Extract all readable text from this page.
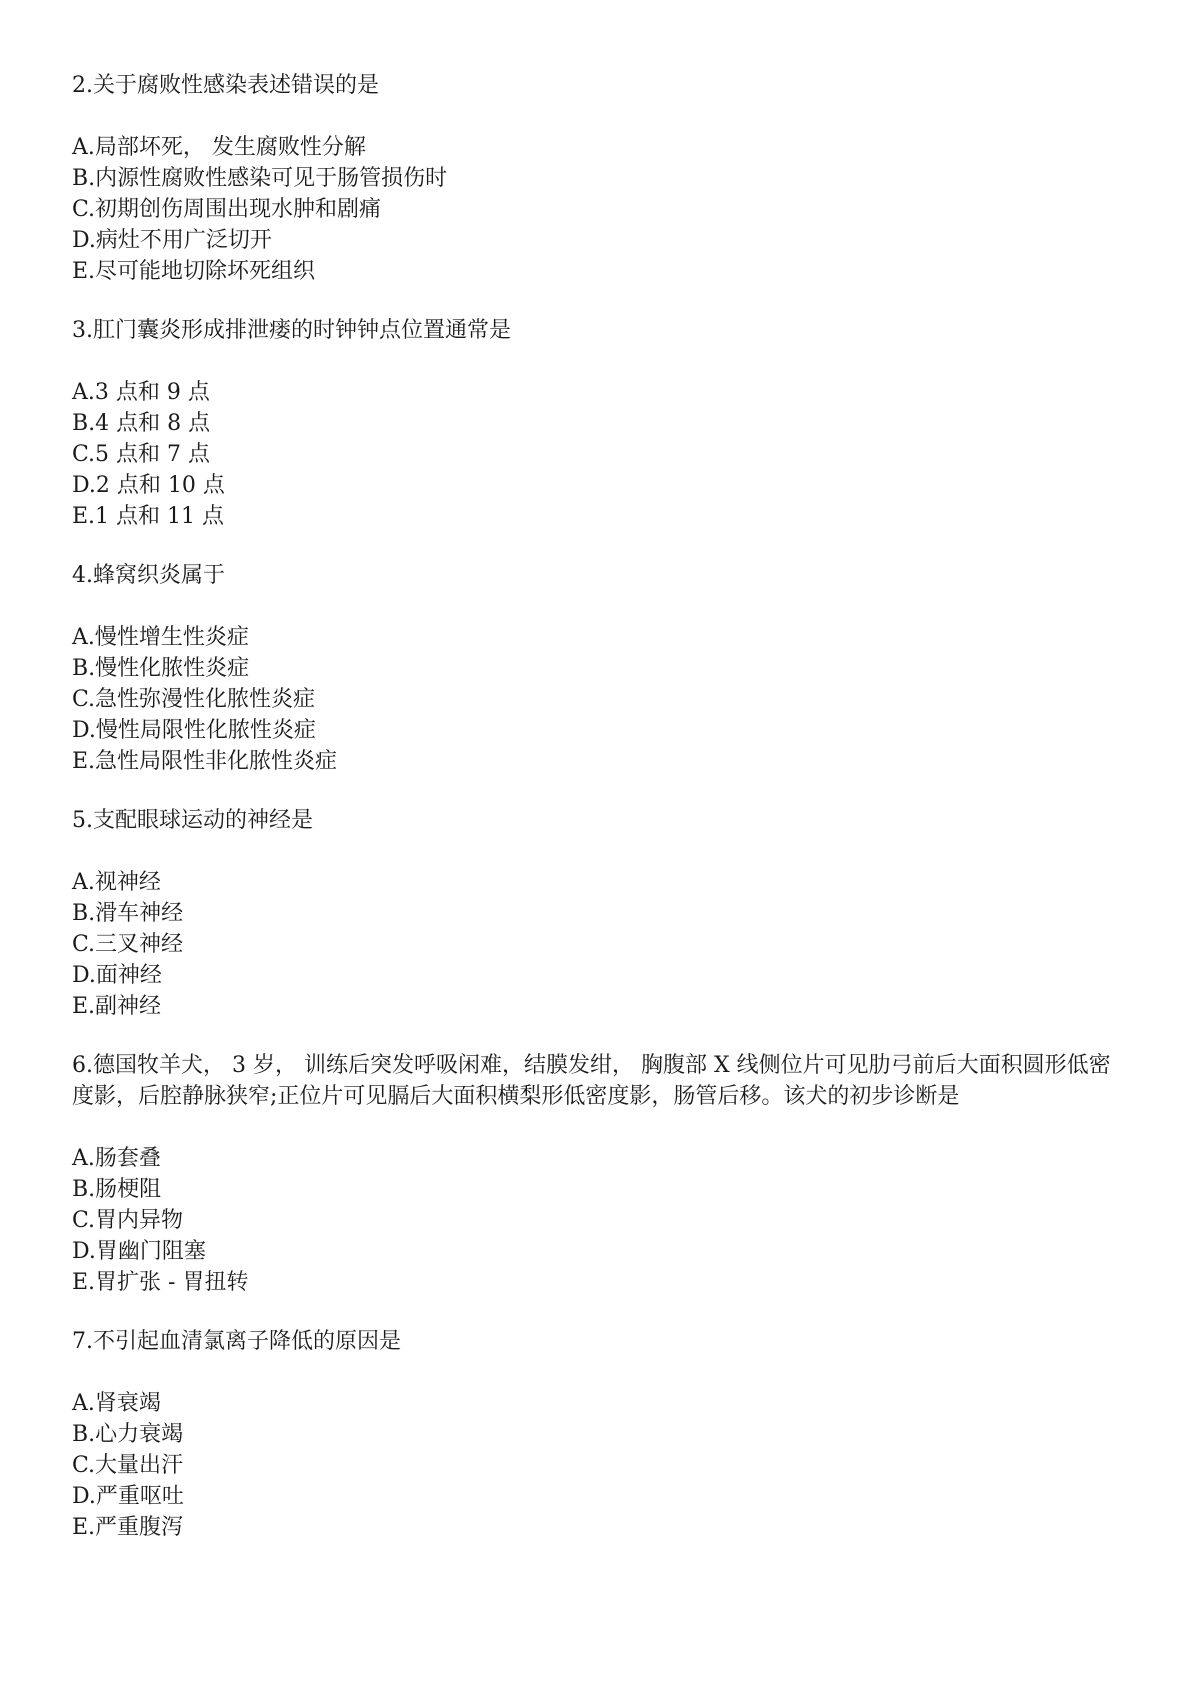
2.关于腐败性感染表述错误的是

A.局部坏死， 发生腐败性分解

B.内源性腐败性感染可见于肠管损伤时

C.初期创伤周围出现水肿和剧痛

D.病灶不用广泛切开

E.尽可能地切除坏死组织

3.肛门囊炎形成排泄瘘的时钟钟点位置通常是

A.3 点和 9 点

B.4 点和 8 点

C.5 点和 7 点

D.2 点和 10 点

E.1 点和 11 点

4.蜂窝织炎属于

A.慢性增生性炎症

B.慢性化脓性炎症

C.急性弥漫性化脓性炎症

D.慢性局限性化脓性炎症

E.急性局限性非化脓性炎症

5.支配眼球运动的神经是

A.视神经

B.滑车神经

C.三叉神经

D.面神经

E.副神经

6.德国牧羊犬， 3 岁， 训练后突发呼吸闲难，结膜发绀， 胸腹部 X 线侧位片可见肋弓前后大面积圆形低密度影，后腔静脉狭窄;正位片可见膈后大面积横梨形低密度影，肠管后移。该犬的初步诊断是

A.肠套叠

B.肠梗阻

C.胃内异物

D.胃幽门阻塞

E.胃扩张 - 胃扭转

7.不引起血清氯离子降低的原因是

A.肾衰竭

B.心力衰竭

C.大量出汗

D.严重呕吐

E.严重腹泻
